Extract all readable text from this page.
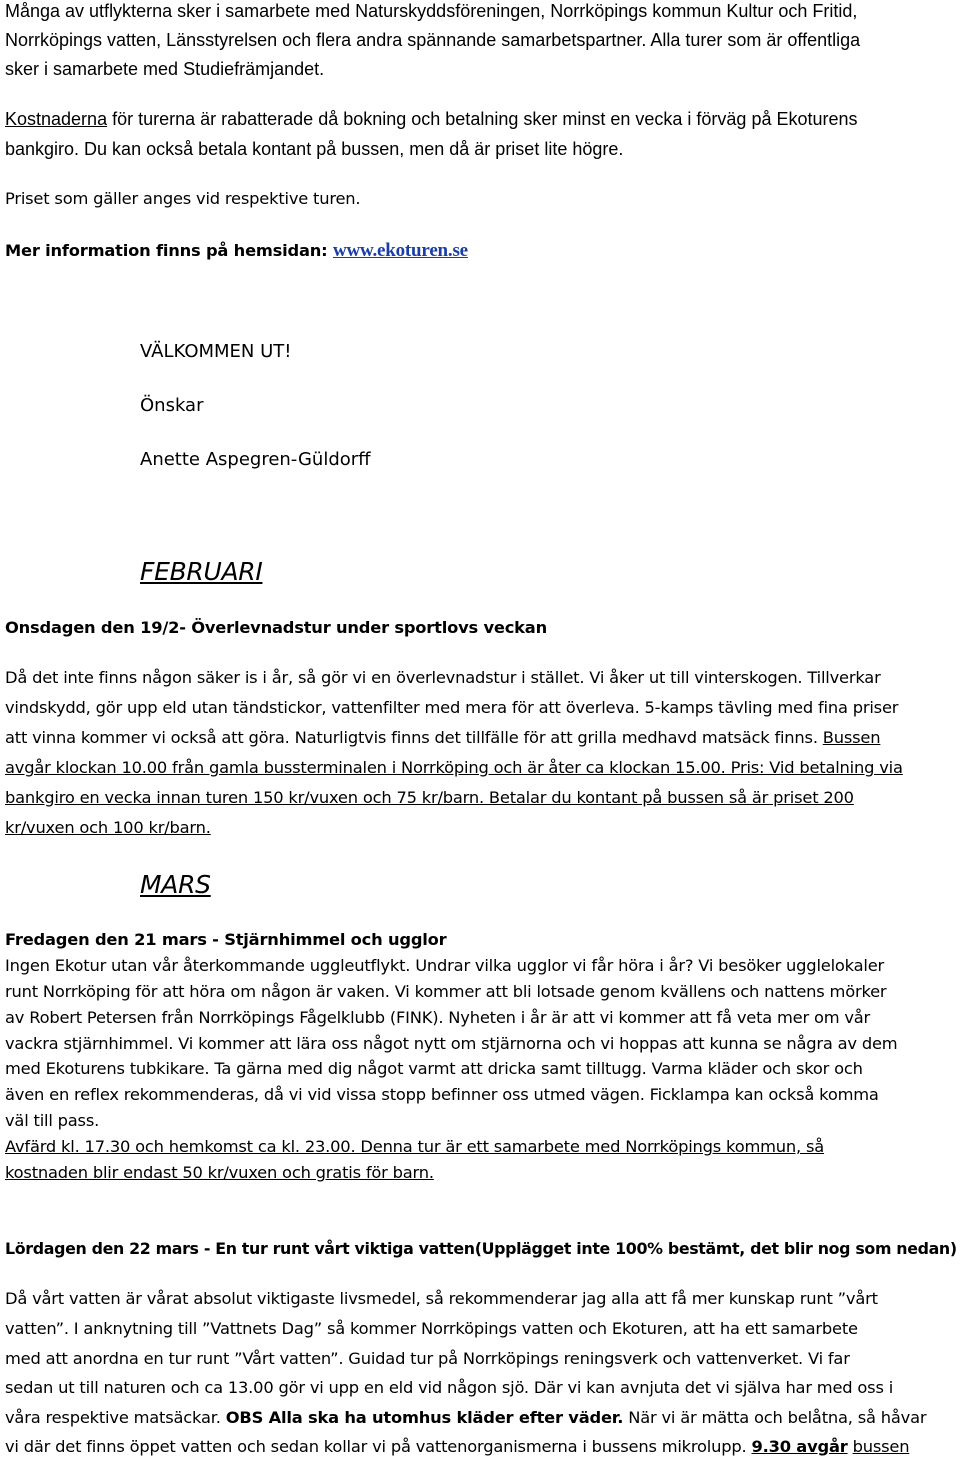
Många av utflykterna sker i samarbete med Naturskyddsföreningen, Norrköpings kommun Kultur och Fritid,
Norrköpings vatten, Länsstyrelsen och flera andra spännande samarbetspartner. Alla turer som är offentliga
sker i samarbete med Studiefrämjandet.
Kostnaderna för turerna är rabatterade då bokning och betalning sker minst en vecka i förväg på Ekoturens
bankgiro. Du kan också betala kontant på bussen, men då är priset lite högre.
Priset som gäller anges vid respektive turen.
Mer information finns på hemsidan: www.ekoturen.se
VÄLKOMMEN UT!
Önskar
Anette Aspegren-Güldorff
FEBRUARI
Onsdagen den 19/2- Överlevnadstur under sportlovs veckan
Då det inte finns någon säker is i år, så gör vi en överlevnadstur i stället. Vi åker ut till vinterskogen. Tillverkar
vindskydd, gör upp eld utan tändstickor, vattenfilter med mera för att överleva. 5-kamps tävling med fina priser
att vinna kommer vi också att göra. Naturligtvis finns det tillfälle för att grilla medhavd matsäck finns. Bussen
avgår klockan 10.00 från gamla bussterminalen i Norrköping och är åter ca klockan 15.00. Pris: Vid betalning via
bankgiro en vecka innan turen 150 kr/vuxen och 75 kr/barn. Betalar du kontant på bussen så är priset 200
kr/vuxen och 100 kr/barn.
MARS
Fredagen den 21 mars - Stjärnhimmel och ugglor
Ingen Ekotur utan vår återkommande uggleutflykt. Undrar vilka ugglor vi får höra i år? Vi besöker ugglelokaler
runt Norrköping för att höra om någon är vaken. Vi kommer att bli lotsade genom kvällens och nattens mörker
av Robert Petersen från Norrköpings Fågelklubb (FINK). Nyheten i år är att vi kommer att få veta mer om vår
vackra stjärnhimmel. Vi kommer att lära oss något nytt om stjärnorna och vi hoppas att kunna se några av dem
med Ekoturens tubkikare. Ta gärna med dig något varmt att dricka samt tilltugg. Varma kläder och skor och
även en reflex rekommenderas, då vi vid vissa stopp befinner oss utmed vägen. Ficklampa kan också komma
väl till pass.
Avfärd kl. 17.30 och hemkomst ca kl. 23.00. Denna tur är ett samarbete med Norrköpings kommun, så
kostnaden blir endast 50 kr/vuxen och gratis för barn.
Lördagen den 22 mars - En tur runt vårt viktiga vatten(Upplägget inte 100% bestämt, det blir nog som nedan)
Då vårt vatten är vårat absolut viktigaste livsmedel, så rekommenderar jag alla att få mer kunskap runt ”vårt
vatten”. I anknytning till ”Vattnets Dag” så kommer Norrköpings vatten och Ekoturen, att ha ett samarbete
med att anordna en tur runt ”Vårt vatten”. Guidad tur på Norrköpings reningsverk och vattenverket. Vi far
sedan ut till naturen och ca 13.00 gör vi upp en eld vid någon sjö. Där vi kan avnjuta det vi själva har med oss i
våra respektive matsäckar. OBS Alla ska ha utomhus kläder efter väder. När vi är mätta och belåtna, så håvar
vi där det finns öppet vatten och sedan kollar vi på vattenorganismerna i bussens mikrolupp. 9.30 avgår bussen
